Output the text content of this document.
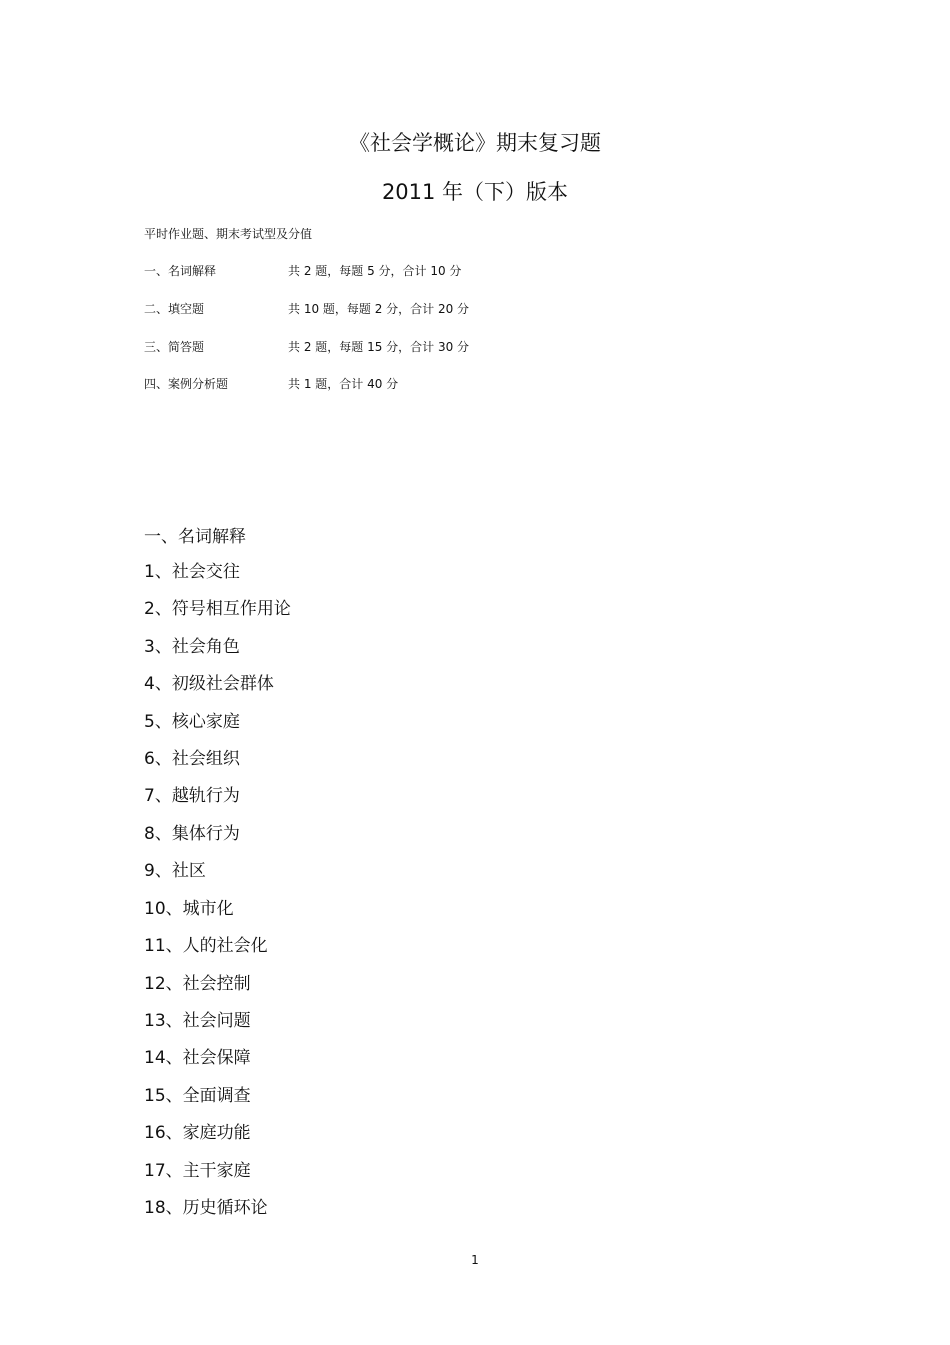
《社会学概论》期末复习题
2011 年（下）版本
平时作业题、期末考试型及分值
一、名词解释	共 2 题，每题 5 分，合计 10 分
二、填空题	共 10 题，每题 2 分，合计 20 分
三、简答题	共 2 题，每题 15 分，合计 30 分
四、案例分析题	共 1 题，合计 40 分
一、名词解释
1、社会交往
2、符号相互作用论
3、社会角色
4、初级社会群体
5、核心家庭
6、社会组织
7、越轨行为
8、集体行为
9、社区
10、城市化
11、人的社会化
12、社会控制
13、社会问题
14、社会保障
15、全面调查
16、家庭功能
17、主干家庭
18、历史循环论
1
